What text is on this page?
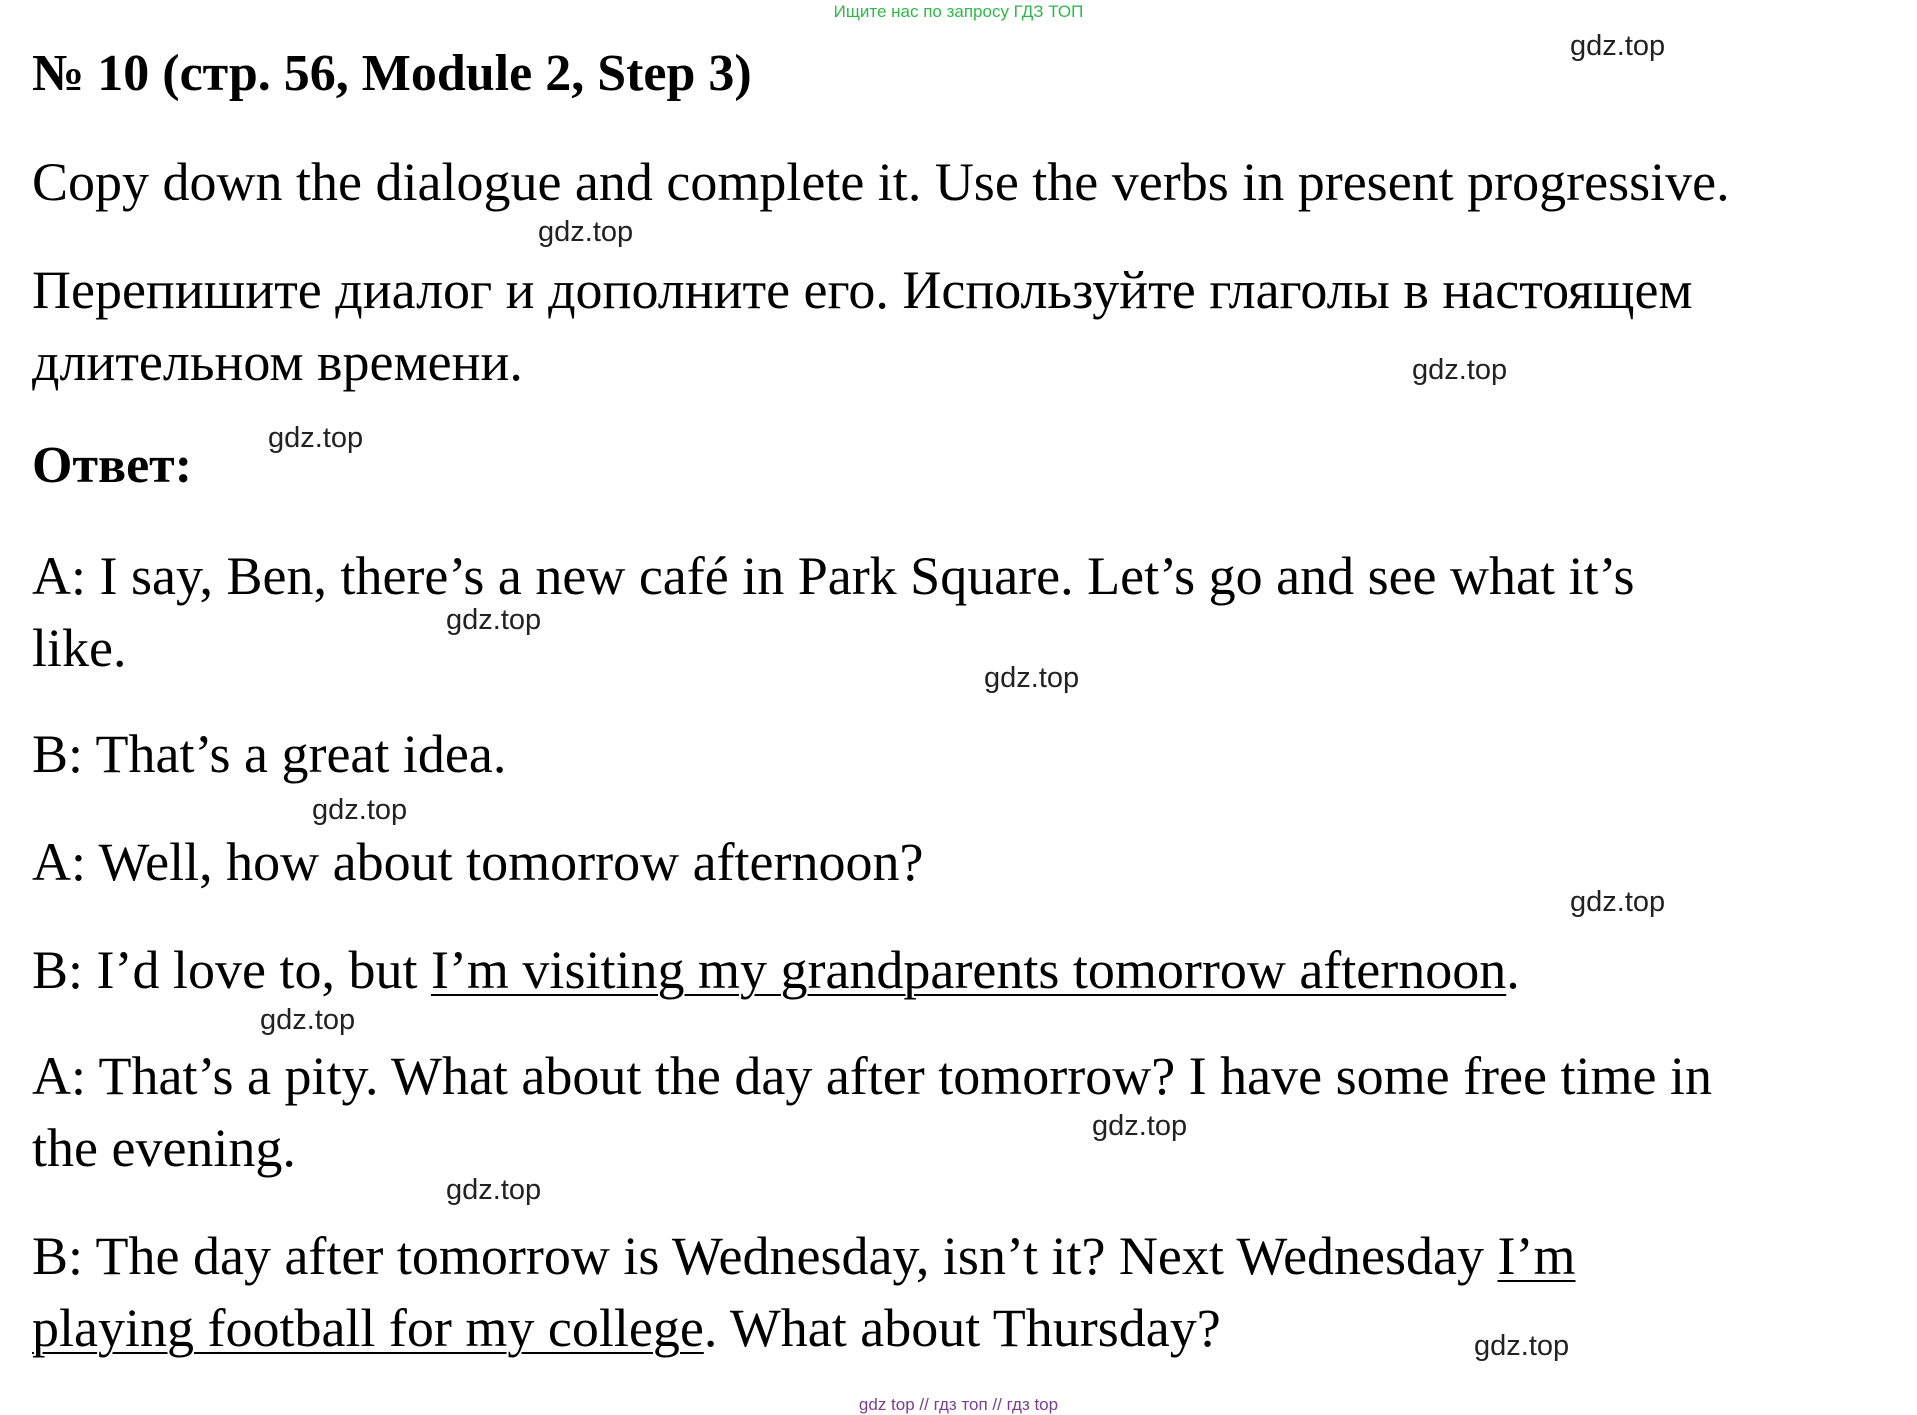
Ищите нас по запросу ГДЗ ТОП
№ 10 (стр. 56, Module 2, Step 3)
Copy down the dialogue and complete it. Use the verbs in present progressive.
Перепишите диалог и дополните его. Используйте глаголы в настоящем
длительном времени.
Ответ:
A: I say, Ben, there’s a new café in Park Square. Let’s go and see what it’s
like.
B: That’s a great idea.
A: Well, how about tomorrow afternoon?
B: I’d love to, but I’m visiting my grandparents tomorrow afternoon.
A: That’s a pity. What about the day after tomorrow? I have some free time in
the evening.
B: The day after tomorrow is Wednesday, isn’t it? Next Wednesday I’m
playing football for my college. What about Thursday?
gdz.top
gdz.top
gdz.top
gdz.top
gdz.top
gdz.top
gdz.top
gdz.top
gdz.top
gdz.top
gdz.top
gdz.top
gdz top // гдз топ // гдз top
